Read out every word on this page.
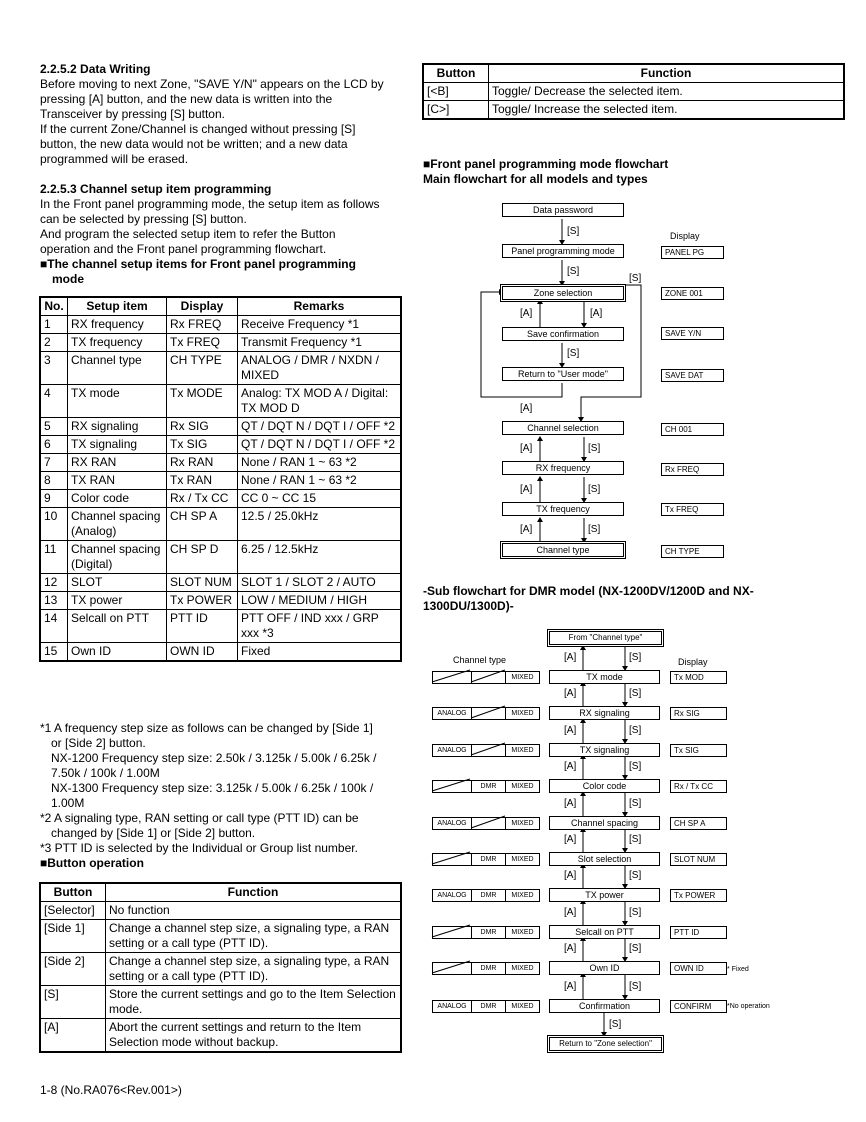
2.2.5.2 Data Writing

Before moving to next Zone, "SAVE Y/N" appears on the LCD by

pressing [A] button, and the new data is written into the

Transceiver by pressing [S] button.

If the current Zone/Channel is changed without pressing [S]

button, the new data would not be written; and a new data

programmed will be erased.

2.2.5.3 Channel setup item programming

In the Front panel programming mode, the setup item as follows

can be selected by pressing [S] button.

And program the selected setup item to refer the Button

operation and the Front panel programming flowchart.

■The channel setup items for Front panel programming

mode

No.	Setup item	Display	Remarks
1	RX frequency	Rx FREQ	Receive Frequency *1
2	TX frequency	Tx FREQ	Transmit Frequency *1
3	Channel type	CH TYPE	ANALOG / DMR / NXDN / MIXED
4	TX mode	Tx MODE	Analog: TX MOD A / Digital: TX MOD D
5	RX signaling	Rx SIG	QT / DQT N / DQT I / OFF *2
6	TX signaling	Tx SIG	QT / DQT N / DQT I / OFF *2
7	RX RAN	Rx RAN	None / RAN 1 ~ 63 *2
8	TX RAN	Tx RAN	None / RAN 1 ~ 63 *2
9	Color code	Rx / Tx CC	CC 0 ~ CC 15
10	Channel spacing (Analog)	CH SP A	12.5 / 25.0kHz
11	Channel spacing (Digital)	CH SP D	6.25 / 12.5kHz
12	SLOT	SLOT NUM	SLOT 1 / SLOT 2 / AUTO
13	TX power	Tx POWER	LOW / MEDIUM / HIGH
14	Selcall on PTT	PTT ID	PTT OFF / IND xxx / GRP xxx *3
15	Own ID	OWN ID	Fixed

*1 A frequency step size as follows can be changed by [Side 1]

or [Side 2] button.

NX-1200 Frequency step size: 2.50k / 3.125k / 5.00k / 6.25k /

7.50k / 100k / 1.00M

NX-1300 Frequency step size: 3.125k / 5.00k / 6.25k / 100k /

1.00M

*2 A signaling type, RAN setting or call type (PTT ID) can be

changed by [Side 1] or [Side 2] button.

*3 PTT ID is selected by the Individual or Group list number.

■Button operation

Button	Function
[Selector]	No function
[Side 1]	Change a channel step size, a signaling type, a RAN setting or a call type (PTT ID).
[Side 2]	Change a channel step size, a signaling type, a RAN setting or a call type (PTT ID).
[S]	Store the current settings and go to the Item Selection mode.
[A]	Abort the current settings and return to the Item Selection mode without backup.

1-8 (No.RA076<Rev.001>)

Button	Function
[<B]	Toggle/ Decrease the selected item.
[C>]	Toggle/ Increase the selected item.

■Front panel programming mode flowchart

Main flowchart for all models and types

Data password
Panel programming mode
Zone selection
Save confirmation
Return to "User mode"
Channel selection
RX frequency
TX frequency
Channel type
[S]
[S]
[S]
[A]	[A]
[S]
[A]
[A]	[S]
[A]	[S]
[A]	[S]
Display
PANEL PG
ZONE 001
SAVE Y/N
SAVE DAT
CH 001
Rx FREQ
Tx FREQ
CH TYPE

-Sub flowchart for DMR model (NX-1200DV/1200D and NX-

1300DU/1300D)-

Channel type	Display
From "Channel type"
TX mode	Tx MOD
MIXED
[A]	[S]
RX signaling	Rx SIG
ANALOG	MIXED
[A]	[S]
TX signaling	Tx SIG
ANALOG	MIXED
[A]	[S]
Color code	Rx / Tx CC
DMR	MIXED
[A]	[S]
Channel spacing	CH SP A
ANALOG	MIXED
[A]	[S]
Slot selection	SLOT NUM
DMR	MIXED
[A]	[S]
TX power	Tx POWER
ANALOG	DMR	MIXED
[A]	[S]
Selcall on PTT	PTT ID
DMR	MIXED
[A]	[S]
Own ID	OWN ID
DMR	MIXED
[A]	[S]
Confirmation	CONFIRM
ANALOG	DMR	MIXED
[A]	[S]
Return to "Zone selection"
[S]
* Fixed
*No operation
